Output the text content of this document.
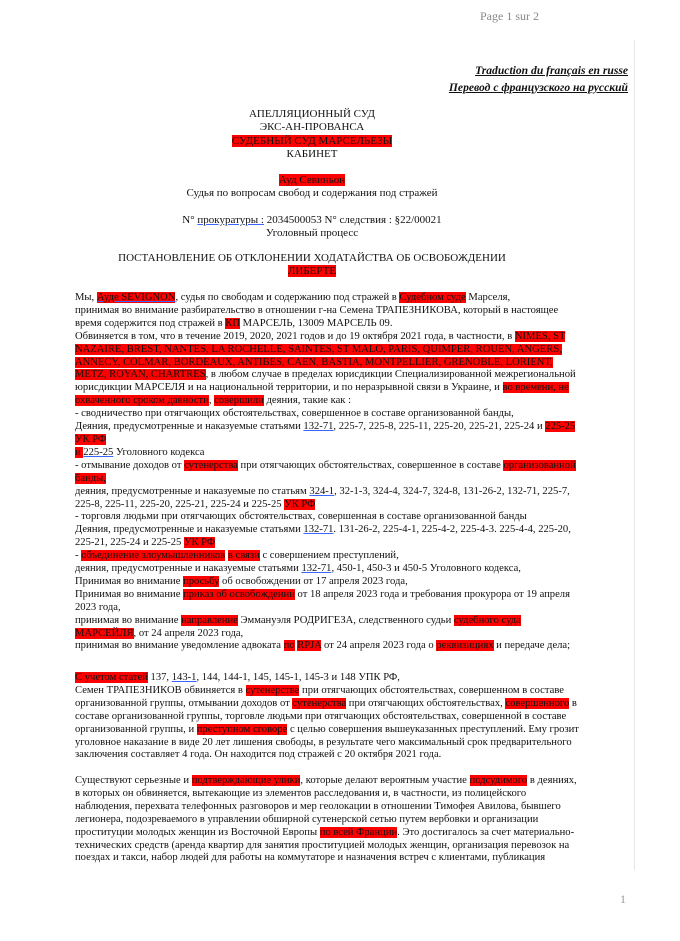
Page 1 sur 2
Traduction du français en russe
Перевод с французского на русский
АПЕЛЛЯЦИОННЫЙ СУД
ЭКС-АН-ПРОВАНСА
СУДЕБНЫЙ СУД МАРСЕЛЬЕЗЫ
КАБИНЕТ
Ауд Севиньон
Судья по вопросам свобод и содержания под стражей
N° прокуратуры : 2034500053 N° следствия : §22/00021
Уголовный процесс
ПОСТАНОВЛЕНИЕ ОБ ОТКЛОНЕНИИ ХОДАТАЙСТВА ОБ ОСВОБОЖДЕНИИ
ЛИБЕРТЕ
Мы, Ауде SEVIGNON, судья по свободам и содержанию под стражей в Судебном суде Марселя,
принимая во внимание разбирательство в отношении г-на Семена ТРАПЕЗНИКОВА, который в настоящее
время содержится под стражей в КП МАРСЕЛЬ, 13009 МАРСЕЛЬ 09.
Обвиняется в том, что в течение 2019, 2020, 2021 годов и до 19 октября 2021 года, в частности, в NIMES, ST
NAZAIRE, BREST, NANTES, LA ROCHELLE, SAINTES, ST MALO, PARIS, QUIMPER, ROUEN, ANGERS,
ANNECY, COLMAR, BORDEAUX, ANTIBES, CAEN, BASTIA, MONTPELLIER, GRENOBLE, LORIENT,
METZ, ROYAN, CHARTRES, в любом случае в пределах юрисдикции Специализированной межрегиональной
юрисдикции МАРСЕЛЯ и на национальной территории, и по неразрывной связи в Украине, и во времени, не
охваченного сроком давности, совершили деяния, такие как :
- сводничество при отягчающих обстоятельствах, совершенное в составе организованной банды,
Деяния, предусмотренные и наказуемые статьями 132-71, 225-7, 225-8, 225-11, 225-20, 225-21, 225-24 и 225-25
УК РФ
и 225-25 Уголовного кодекса
- отмывание доходов от сутенерства при отягчающих обстоятельствах, совершенное в составе организованной
банды,
деяния, предусмотренные и наказуемые по статьям 324-1, 32-1-3, 324-4, 324-7, 324-8, 131-26-2, 132-71, 225-7,
225-8, 225-11, 225-20, 225-21, 225-24 и 225-25 УК РФ
- торговля людьми при отягчающих обстоятельствах, совершенная в составе организованной банды
Деяния, предусмотренные и наказуемые статьями 132-71. 131-26-2, 225-4-1, 225-4-2, 225-4-3. 225-4-4, 225-20,
225-21, 225-24 и 225-25 УК РФ
- объединение злоумышленников в связи с совершением преступлений,
деяния, предусмотренные и наказуемые статьями 132-71, 450-1, 450-3 и 450-5 Уголовного кодекса,
Принимая во внимание просьбу об освобождении от 17 апреля 2023 года,
Принимая во внимание приказ об освобождении от 18 апреля 2023 года и требования прокурора от 19 апреля
2023 года,
принимая во внимание направление Эммануэля РОДРИГЕЗА, следственного судьи судебного суда
МАРСЕЙЛЯ, от 24 апреля 2023 года,
принимая во внимание уведомление адвоката по RPJA от 24 апреля 2023 года о реквизициях и передаче дела;
С учетом статей 137, 143-1, 144, 144-1, 145, 145-1, 145-3 и 148 УПК РФ,
Семен ТРАПЕЗНИКОВ обвиняется в сутенерстве при отягчающих обстоятельствах, совершенном в составе
организованной группы, отмывании доходов от сутенерства при отягчающих обстоятельствах, совершенного в
составе организованной группы, торговле людьми при отягчающих обстоятельствах, совершенной в составе
организованной группы, и преступном сговоре с целью совершения вышеуказанных преступлений. Ему грозит
уголовное наказание в виде 20 лет лишения свободы, в результате чего максимальный срок предварительного
заключения составляет 4 года. Он находится под стражей с 20 октября 2021 года.
Существуют серьезные и подтверждающие улики, которые делают вероятным участие подсудимого в деяниях,
в которых он обвиняется, вытекающие из элементов расследования и, в частности, из полицейского
наблюдения, перехвата телефонных разговоров и мер геолокации в отношении Тимофея Авилова, бывшего
легионера, подозреваемого в управлении обширной сутенерской сетью путем вербовки и организации
проституции молодых женщин из Восточной Европы по всей Франции. Это достигалось за счет материально-
технических средств (аренда квартир для занятия проституцией молодых женщин, организация перевозок на
поездах и такси, набор людей для работы на коммутаторе и назначения встреч с клиентами, публикация
1
